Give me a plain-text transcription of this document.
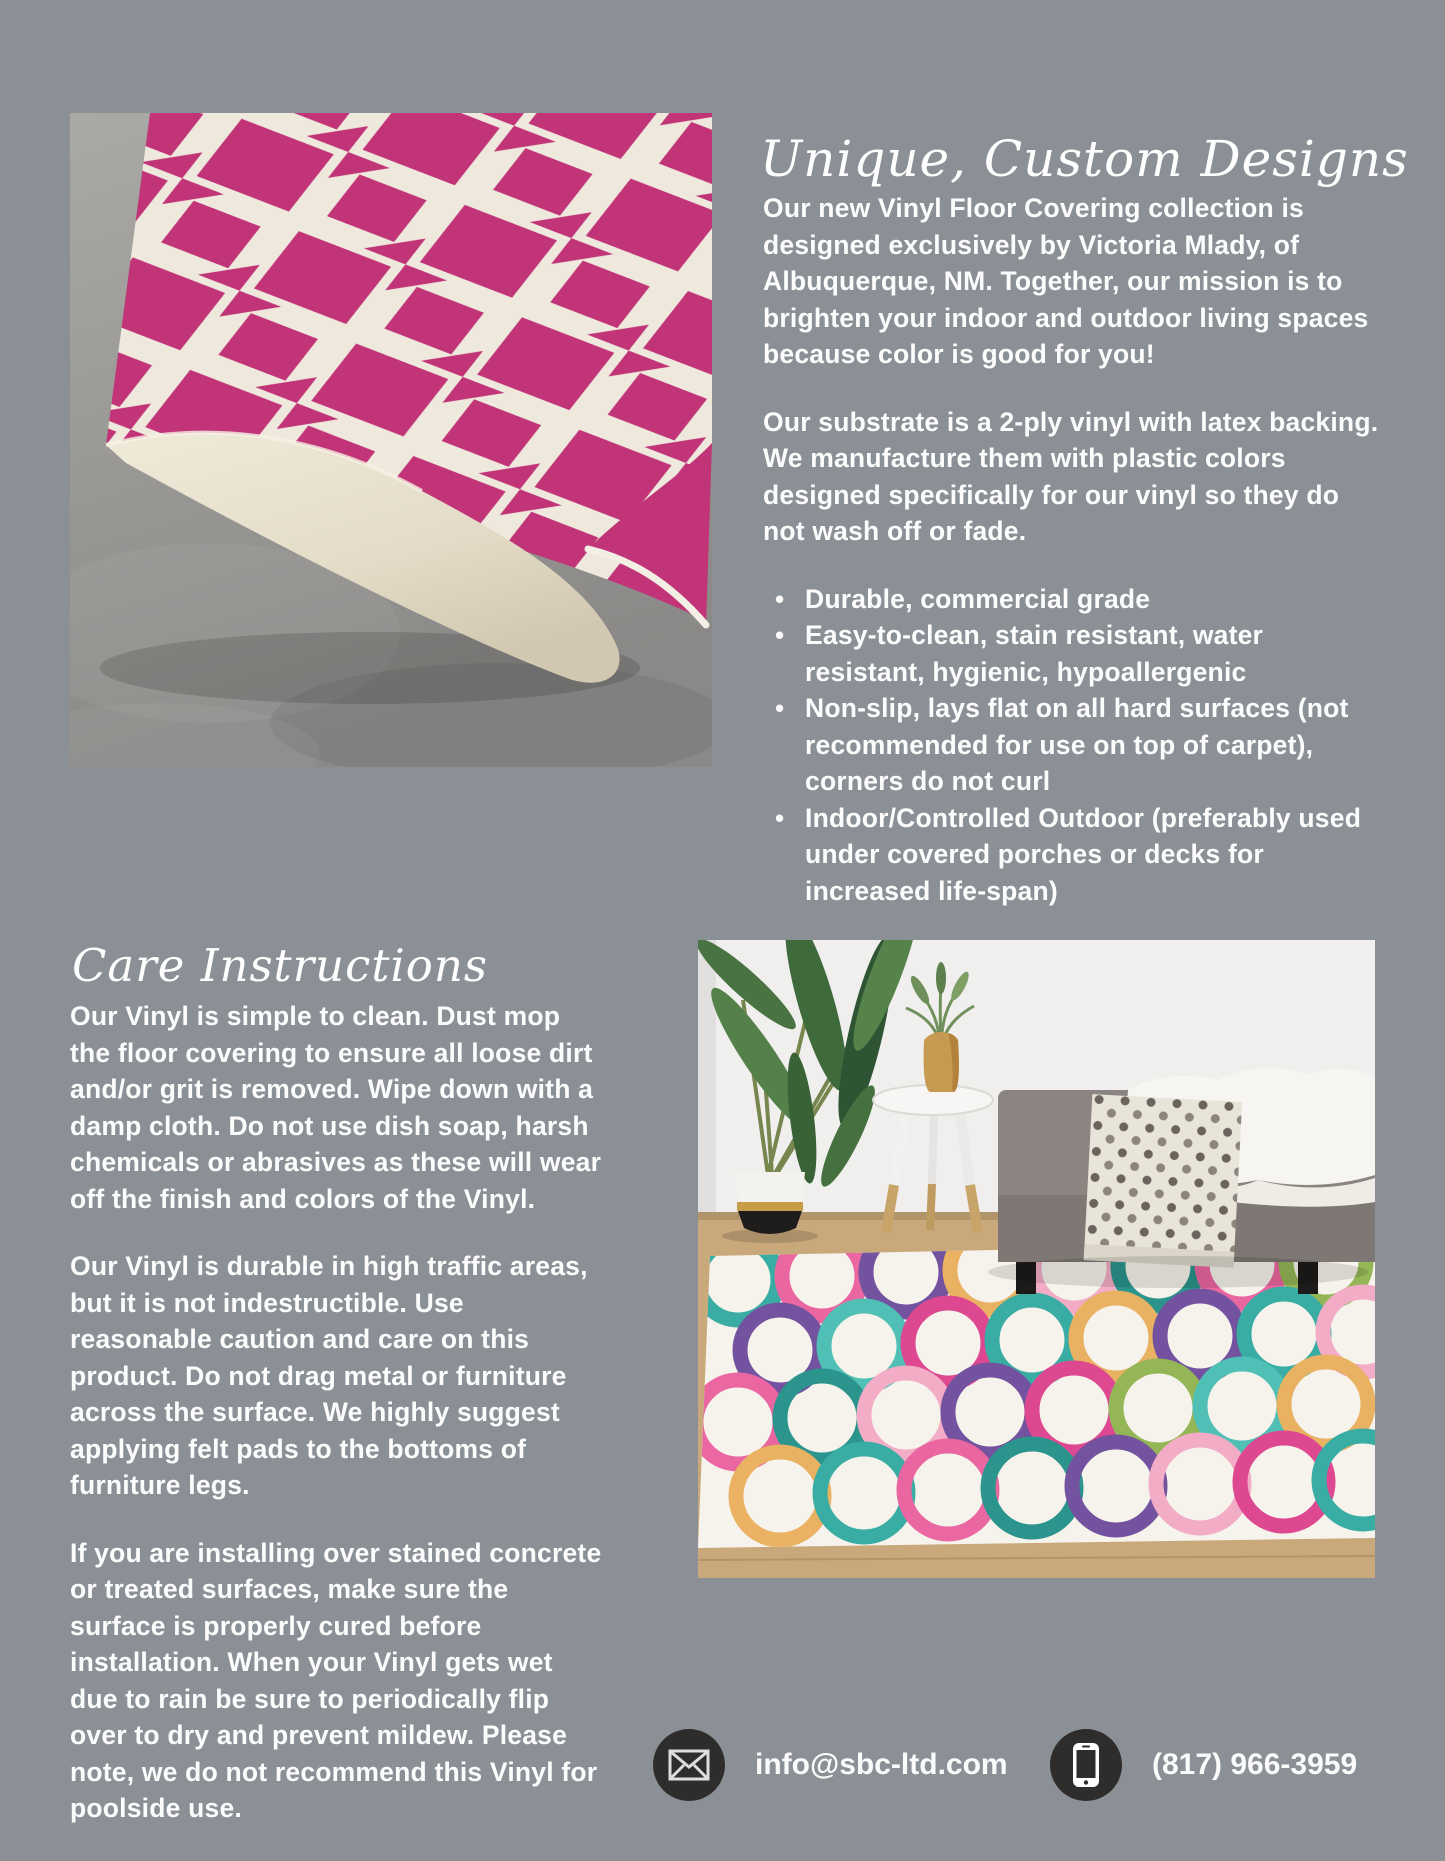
Unique, Custom Designs

Our new Vinyl Floor Covering collection is designed exclusively by Victoria Mlady, of Albuquerque, NM. Together, our mission is to brighten your indoor and outdoor living spaces because color is good for you!

Our substrate is a 2-ply vinyl with latex backing. We manufacture them with plastic colors designed specifically for our vinyl so they do not wash off or fade.

• Durable, commercial grade
• Easy-to-clean, stain resistant, water resistant, hygienic, hypoallergenic
• Non-slip, lays flat on all hard surfaces (not recommended for use on top of carpet), corners do not curl
• Indoor/Controlled Outdoor (preferably used under covered porches or decks for increased life-span)
Care Instructions

Our Vinyl is simple to clean. Dust mop the floor covering to ensure all loose dirt and/or grit is removed. Wipe down with a damp cloth. Do not use dish soap, harsh chemicals or abrasives as these will wear off the finish and colors of the Vinyl.

Our Vinyl is durable in high traffic areas, but it is not indestructible. Use reasonable caution and care on this product. Do not drag metal or furniture across the surface. We highly suggest applying felt pads to the bottoms of furniture legs.

If you are installing over stained concrete or treated surfaces, make sure the surface is properly cured before installation. When your Vinyl gets wet due to rain be sure to periodically flip over to dry and prevent mildew. Please note, we do not recommend this Vinyl for poolside use.

info@sbc-ltd.com	(817) 966-3959
